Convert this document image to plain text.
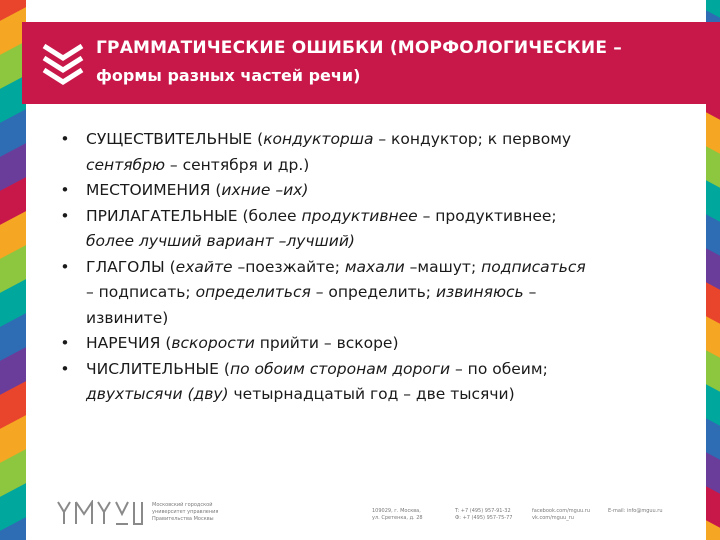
ГРАММАТИЧЕСКИЕ ОШИБКИ (МОРФОЛОГИЧЕСКИЕ –
формы разных частей речи)
• СУЩЕСТВИТЕЛЬНЫЕ (кондукторша – кондуктор; к первому
сентябрю – сентября и др.)
• МЕСТОИМЕНИЯ (ихние –их)
• ПРИЛАГАТЕЛЬНЫЕ (более продуктивнее – продуктивнее;
более лучший вариант –лучший)
• ГЛАГОЛЫ (ехайте –поезжайте; махали –машут; подписаться
– подписать; определиться – определить; извиняюсь –
извините)
• НАРЕЧИЯ (вскорости прийти – вскоре)
• ЧИСЛИТЕЛЬНЫЕ (по обоим сторонам дороги – по обеим;
двухтысячи (дву) четырнадцатый год – две тысячи)
Московский городской
университет управления
Правительства Москвы
109029, г. Москва,
ул. Сретенка, д. 28
T: +7 (495) 957-91-32
Ф: +7 (495) 957-75-77
facebook.com/mguu.ru
vk.com/mguu_ru
E-mail: info@mguu.ru
